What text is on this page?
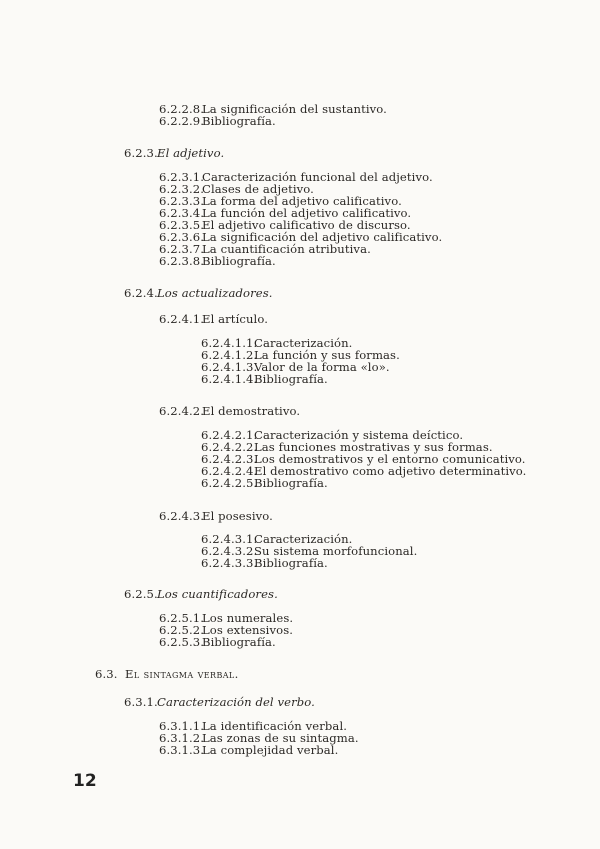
6.2.2.8.La significación del sustantivo.
6.2.2.9.Bibliografía.
6.2.3.El adjetivo.
6.2.3.1.Caracterización funcional del adjetivo.
6.2.3.2.Clases de adjetivo.
6.2.3.3.La forma del adjetivo calificativo.
6.2.3.4.La función del adjetivo calificativo.
6.2.3.5.El adjetivo calificativo de discurso.
6.2.3.6.La significación del adjetivo calificativo.
6.2.3.7.La cuantificación atributiva.
6.2.3.8.Bibliografía.
6.2.4.Los actualizadores.
6.2.4.1.El artículo.
6.2.4.1.1.Caracterización.
6.2.4.1.2.La función y sus formas.
6.2.4.1.3.Valor de la forma «lo».
6.2.4.1.4.Bibliografía.
6.2.4.2.El demostrativo.
6.2.4.2.1.Caracterización y sistema deíctico.
6.2.4.2.2.Las funciones mostrativas y sus formas.
6.2.4.2.3.Los demostrativos y el entorno comunicativo.
6.2.4.2.4.El demostrativo como adjetivo determinativo.
6.2.4.2.5.Bibliografía.
6.2.4.3.El posesivo.
6.2.4.3.1.Caracterización.
6.2.4.3.2.Su sistema morfofuncional.
6.2.4.3.3.Bibliografía.
6.2.5.Los cuantificadores.
6.2.5.1.Los numerales.
6.2.5.2.Los extensivos.
6.2.5.3.Bibliografía.
6.3. El sintagma verbal.
6.3.1.Caracterización del verbo.
6.3.1.1.La identificación verbal.
6.3.1.2.Las zonas de su sintagma.
6.3.1.3.La complejidad verbal.
12
